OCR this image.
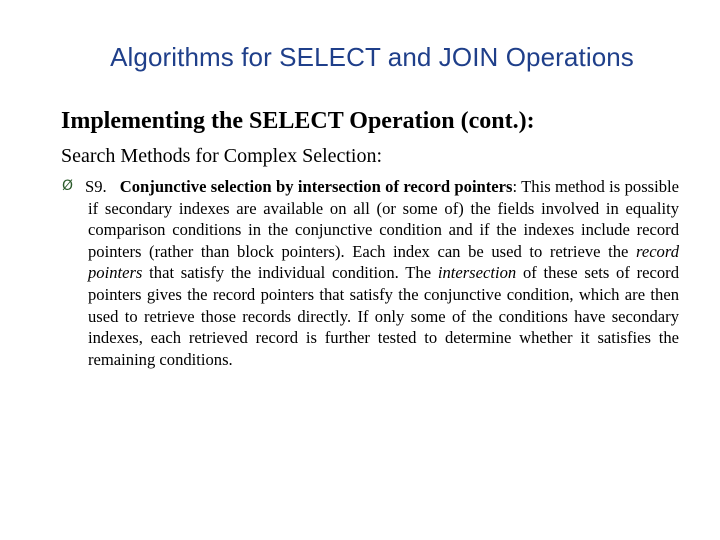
Algorithms for SELECT and JOIN Operations
Implementing the SELECT Operation (cont.):
Search Methods for Complex Selection:
Ø S9. Conjunctive selection by intersection of record pointers: This method is possible if secondary indexes are available on all (or some of) the fields involved in equality comparison conditions in the conjunctive condition and if the indexes include record pointers (rather than block pointers). Each index can be used to retrieve the record pointers that satisfy the individual condition. The intersection of these sets of record pointers gives the record pointers that satisfy the conjunctive condition, which are then used to retrieve those records directly. If only some of the conditions have secondary indexes, each retrieved record is further tested to determine whether it satisfies the remaining conditions.
